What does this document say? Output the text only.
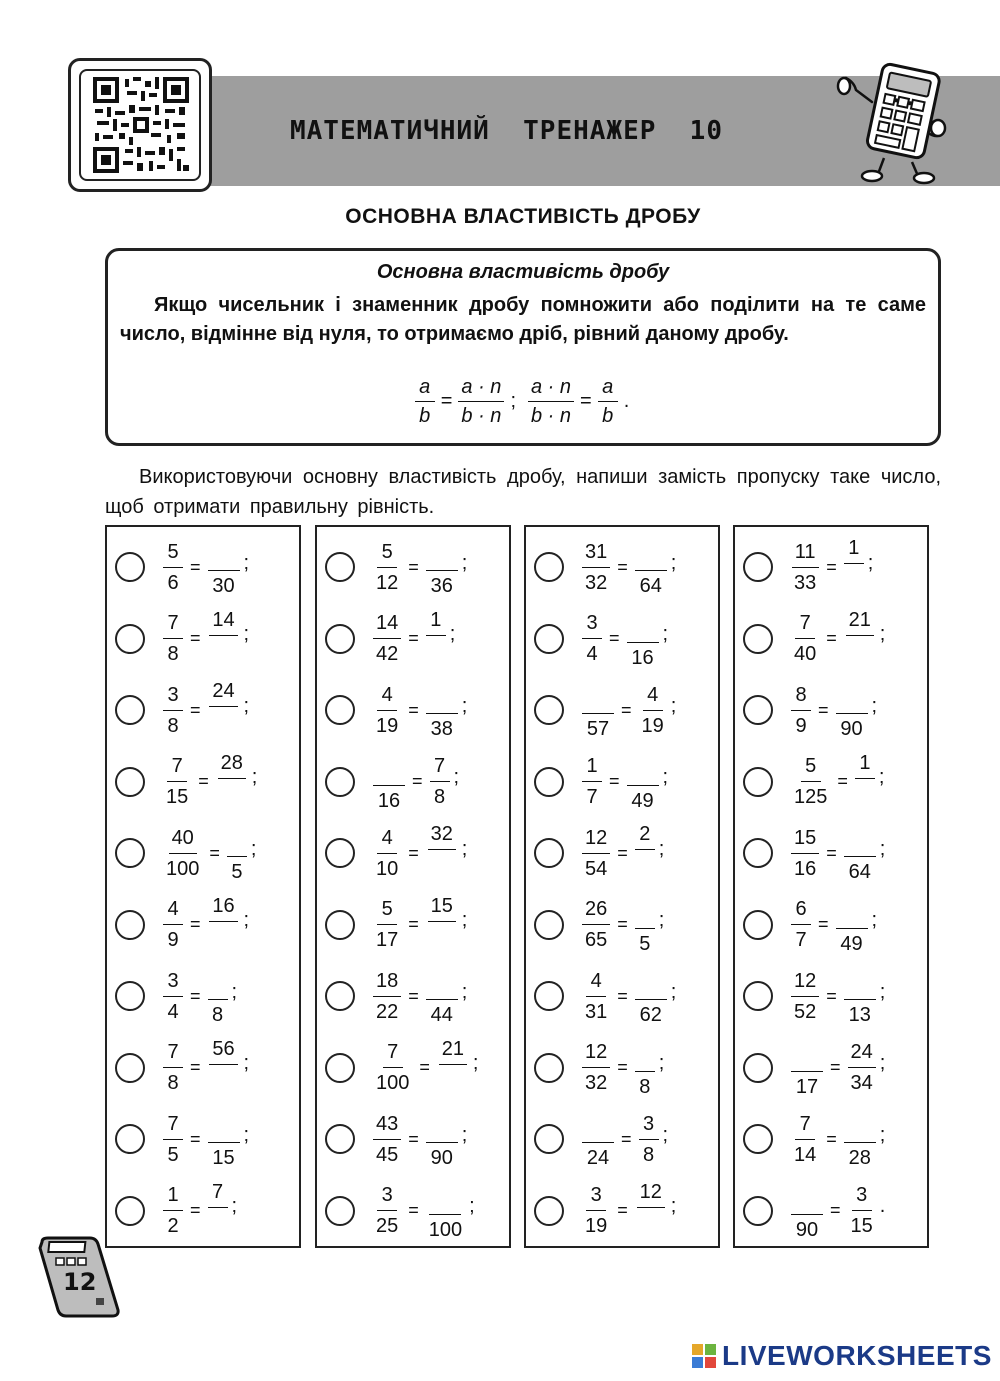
МАТЕМАТИЧНИЙ  ТРЕНАЖЕР  10
ОСНОВНА ВЛАСТИВІСТЬ ДРОБУ
Основна властивість дробу
Якщо чисельник і знаменник дробу помножити або поділити на те саме число, відмінне від нуля, то отримаємо дріб, рівний даному дробу.
$\frac{a}{b} = \frac{a \cdot n}{b \cdot n}$ ; $\frac{a \cdot n}{b \cdot n} = \frac{a}{b}$ .
Використовуючи основну властивість дробу, напиши замість пропуску таке число, щоб отримати правильну рівність.
$\frac{5}{6}$ =
30
;
$\frac{7}{8}$ =
14
;
$\frac{3}{8}$ =
24
;
$\frac{7}{15}$ =
28
;
$\frac{40}{100}$ =
5
;
$\frac{4}{9}$ =
16
;
$\frac{3}{4}$ =
8
;
$\frac{7}{8}$ =
56
;
$\frac{7}{5}$ =
15
;
$\frac{1}{2}$ =
7
;
$\frac{5}{12}$ =
36
;
$\frac{14}{42}$ =
1
;
$\frac{4}{19}$ =
38
;
16
= $\frac{7}{8}$ ;
$\frac{4}{10}$ =
32
;
$\frac{5}{17}$ =
15
;
$\frac{18}{22}$ =
44
;
$\frac{7}{100}$ =
21
;
$\frac{43}{45}$ =
90
;
$\frac{3}{25}$ =
100
;
$\frac{31}{32}$ =
64
;
$\frac{3}{4}$ =
16
;
57
= $\frac{4}{19}$ ;
$\frac{1}{7}$ =
49
;
$\frac{12}{54}$ =
2
;
$\frac{26}{65}$ =
5
;
$\frac{4}{31}$ =
62
;
$\frac{12}{32}$ =
8
;
24
= $\frac{3}{8}$ ;
$\frac{3}{19}$ =
12
;
$\frac{11}{33}$ =
1
;
$\frac{7}{40}$ =
21
;
$\frac{8}{9}$ =
90
;
$\frac{5}{125}$ =
1
;
$\frac{15}{16}$ =
64
;
$\frac{6}{7}$ =
49
;
$\frac{12}{52}$ =
13
;
17
= $\frac{24}{34}$ ;
$\frac{7}{14}$ =
28
;
90
= $\frac{3}{15}$ .
12
LIVEWORKSHEETS
